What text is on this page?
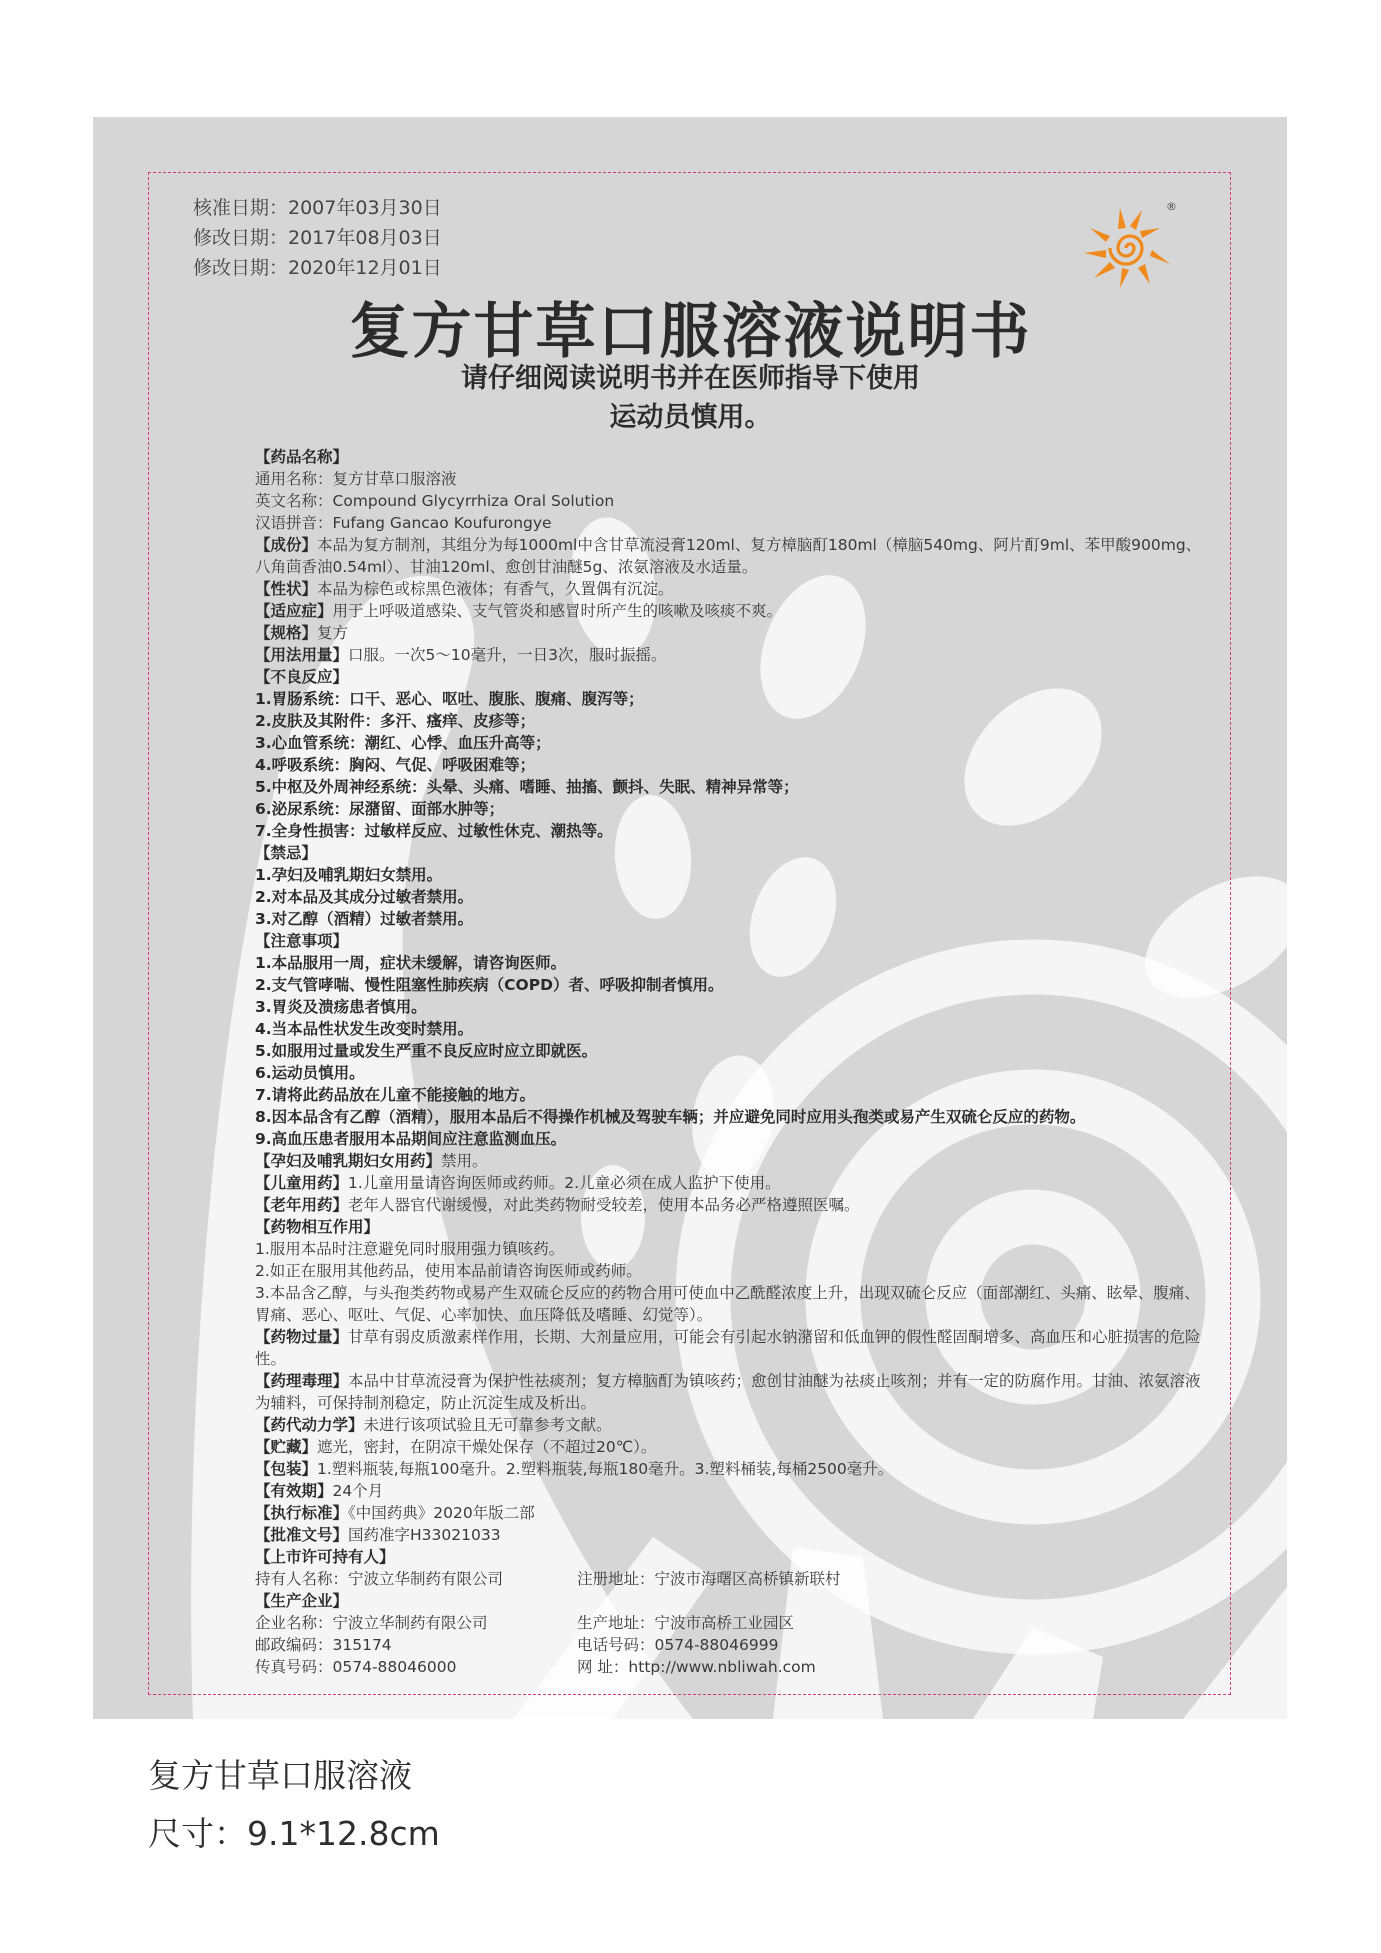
核准日期：2007年03月30日
修改日期：2017年08月03日
修改日期：2020年12月01日
®
复方甘草口服溶液说明书
请仔细阅读说明书并在医师指导下使用
运动员慎用。
【药品名称】
通用名称：复方甘草口服溶液
英文名称：Compound Glycyrrhiza Oral Solution
汉语拼音：Fufang Gancao Koufurongye
【成份】本品为复方制剂，其组分为每1000ml中含甘草流浸膏120ml、复方樟脑酊180ml（樟脑540mg、阿片酊9ml、苯甲酸900mg、八角茴香油0.54ml）、甘油120ml、愈创甘油醚5g、浓氨溶液及水适量。
【性状】本品为棕色或棕黑色液体；有香气，久置偶有沉淀。
【适应症】用于上呼吸道感染、支气管炎和感冒时所产生的咳嗽及咳痰不爽。
【规格】复方
【用法用量】口服。一次5～10毫升，一日3次，服时振摇。
【不良反应】
1.胃肠系统：口干、恶心、呕吐、腹胀、腹痛、腹泻等；
2.皮肤及其附件：多汗、瘙痒、皮疹等；
3.心血管系统：潮红、心悸、血压升高等；
4.呼吸系统：胸闷、气促、呼吸困难等；
5.中枢及外周神经系统：头晕、头痛、嗜睡、抽搐、颤抖、失眠、精神异常等；
6.泌尿系统：尿潴留、面部水肿等；
7.全身性损害：过敏样反应、过敏性休克、潮热等。
【禁忌】
1.孕妇及哺乳期妇女禁用。
2.对本品及其成分过敏者禁用。
3.对乙醇（酒精）过敏者禁用。
【注意事项】
1.本品服用一周，症状未缓解，请咨询医师。
2.支气管哮喘、慢性阻塞性肺疾病（COPD）者、呼吸抑制者慎用。
3.胃炎及溃疡患者慎用。
4.当本品性状发生改变时禁用。
5.如服用过量或发生严重不良反应时应立即就医。
6.运动员慎用。
7.请将此药品放在儿童不能接触的地方。
8.因本品含有乙醇（酒精），服用本品后不得操作机械及驾驶车辆；并应避免同时应用头孢类或易产生双硫仑反应的药物。
9.高血压患者服用本品期间应注意监测血压。
【孕妇及哺乳期妇女用药】禁用。
【儿童用药】1.儿童用量请咨询医师或药师。2.儿童必须在成人监护下使用。
【老年用药】老年人器官代谢缓慢，对此类药物耐受较差，使用本品务必严格遵照医嘱。
【药物相互作用】
1.服用本品时注意避免同时服用强力镇咳药。
2.如正在服用其他药品，使用本品前请咨询医师或药师。
3.本品含乙醇，与头孢类药物或易产生双硫仑反应的药物合用可使血中乙酰醛浓度上升，出现双硫仑反应（面部潮红、头痛、眩晕、腹痛、胃痛、恶心、呕吐、气促、心率加快、血压降低及嗜睡、幻觉等）。
【药物过量】甘草有弱皮质激素样作用，长期、大剂量应用，可能会有引起水钠潴留和低血钾的假性醛固酮增多、高血压和心脏损害的危险性。
【药理毒理】本品中甘草流浸膏为保护性祛痰剂；复方樟脑酊为镇咳药；愈创甘油醚为祛痰止咳剂；并有一定的防腐作用。甘油、浓氨溶液为辅料，可保持制剂稳定，防止沉淀生成及析出。
【药代动力学】未进行该项试验且无可靠参考文献。
【贮藏】遮光，密封，在阴凉干燥处保存（不超过20℃）。
【包装】1.塑料瓶装,每瓶100毫升。2.塑料瓶装,每瓶180毫升。3.塑料桶装,每桶2500毫升。
【有效期】24个月
【执行标准】《中国药典》2020年版二部
【批准文号】国药准字H33021033
【上市许可持有人】
持有人名称：宁波立华制药有限公司	注册地址：宁波市海曙区高桥镇新联村
【生产企业】
企业名称：宁波立华制药有限公司	生产地址：宁波市高桥工业园区
邮政编码：315174	电话号码：0574-88046999
传真号码：0574-88046000	网 址：http://www.nbliwah.com
复方甘草口服溶液
尺寸：9.1*12.8cm
